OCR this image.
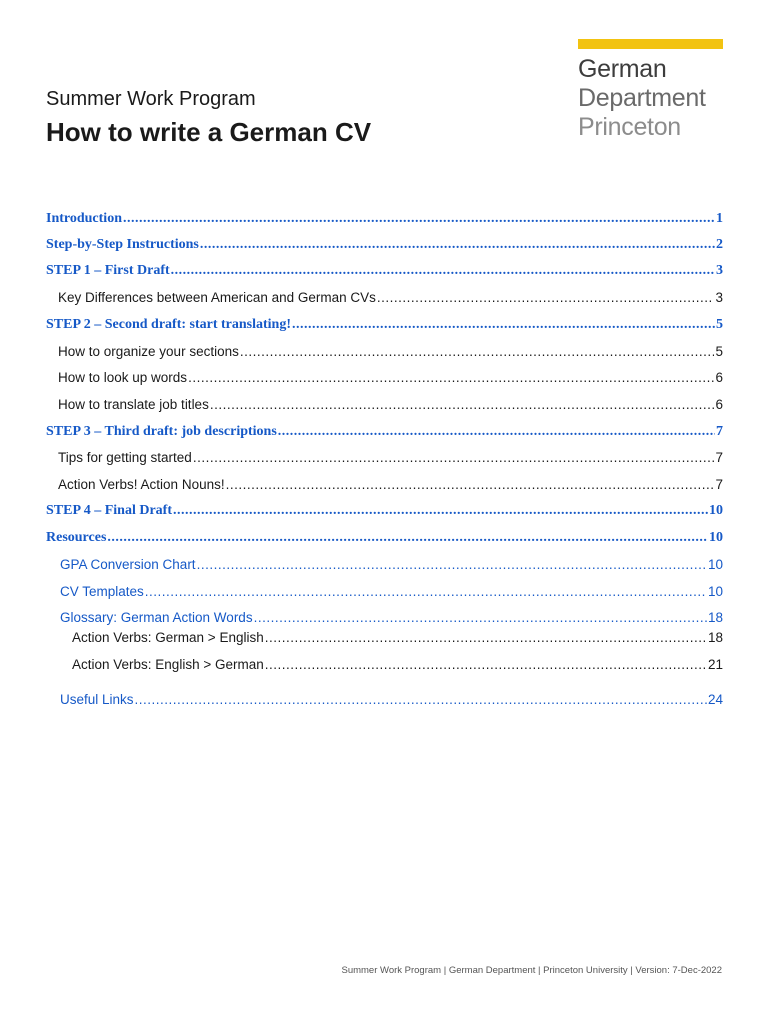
German
Department
Princeton
Summer Work Program
How to write a German CV
Introduction .....	1
Step-by-Step Instructions .....	2
STEP 1 – First Draft .....	3
Key Differences between American and German CVs .....	3
STEP 2 – Second draft: start translating! .....	5
How to organize your sections .....	5
How to look up words .....	6
How to translate job titles .....	6
STEP 3 – Third draft: job descriptions .....	7
Tips for getting started .....	7
Action Verbs! Action Nouns! .....	7
STEP 4 – Final Draft .....	10
Resources .....	10
GPA Conversion Chart .....	10
CV Templates .....	10
Glossary: German Action Words .....	18
Action Verbs: German > English .....	18
Action Verbs: English > German .....	21
Useful Links .....	24
Summer Work Program | German Department | Princeton University | Version: 7-Dec-2022
